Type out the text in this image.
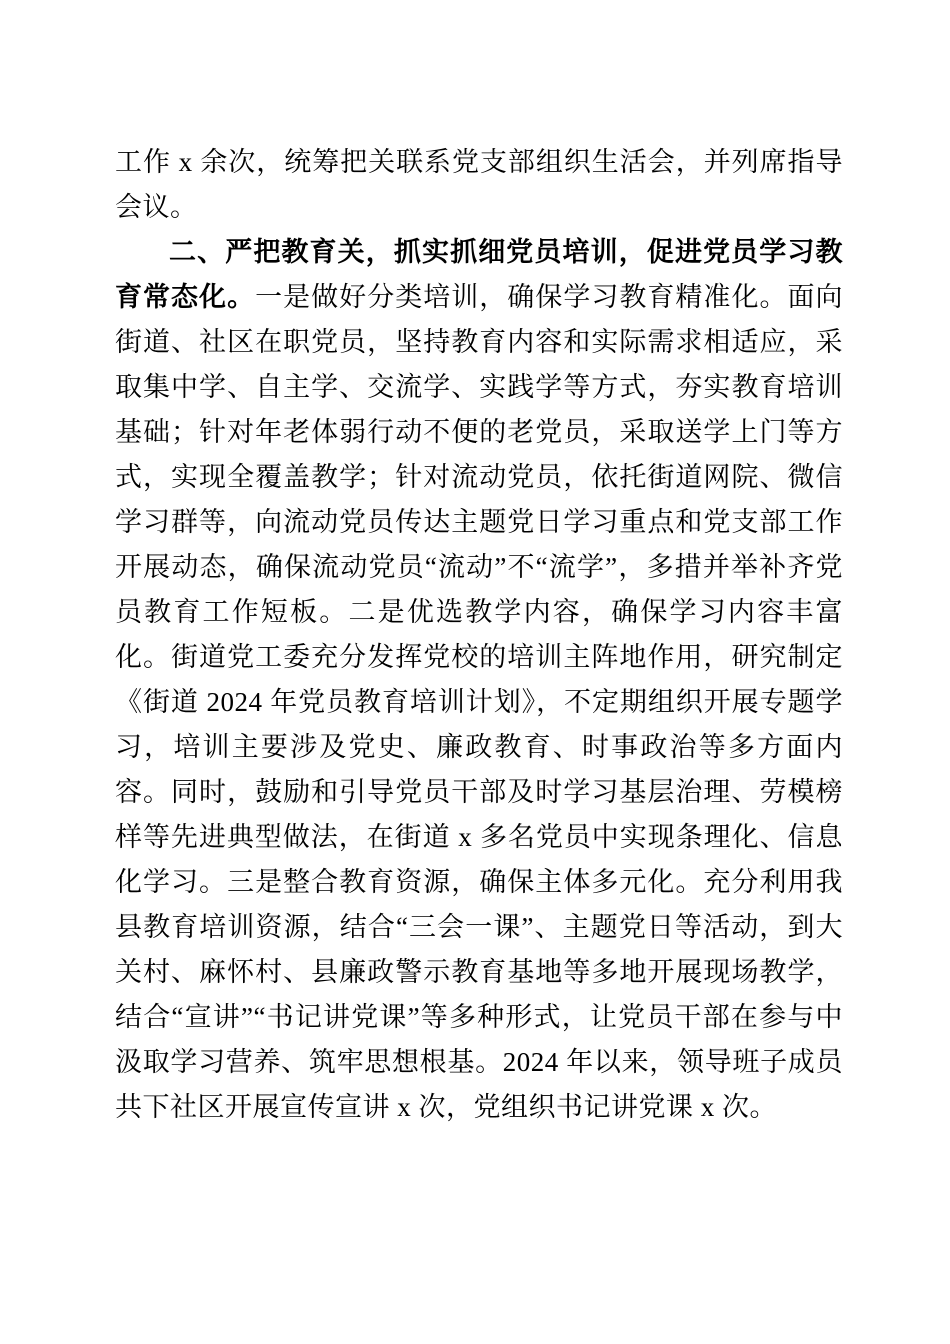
工作 x 余次，统筹把关联系党支部组织生活会，并列席指导会议。

二、严把教育关，抓实抓细党员培训，促进党员学习教育常态化。一是做好分类培训，确保学习教育精准化。面向街道、社区在职党员，坚持教育内容和实际需求相适应，采取集中学、自主学、交流学、实践学等方式，夯实教育培训基础；针对年老体弱行动不便的老党员，采取送学上门等方式，实现全覆盖教学；针对流动党员，依托街道网院、微信学习群等，向流动党员传达主题党日学习重点和党支部工作开展动态，确保流动党员“流动”不“流学”，多措并举补齐党员教育工作短板。二是优选教学内容，确保学习内容丰富化。街道党工委充分发挥党校的培训主阵地作用，研究制定《街道 2024 年党员教育培训计划》，不定期组织开展专题学习，培训主要涉及党史、廉政教育、时事政治等多方面内容。同时，鼓励和引导党员干部及时学习基层治理、劳模榜样等先进典型做法，在街道 x 多名党员中实现条理化、信息化学习。三是整合教育资源，确保主体多元化。充分利用我县教育培训资源，结合“三会一课”、主题党日等活动，到大关村、麻怀村、县廉政警示教育基地等多地开展现场教学，结合“宣讲”“书记讲党课”等多种形式，让党员干部在参与中汲取学习营养、筑牢思想根基。2024 年以来，领导班子成员共下社区开展宣传宣讲 x 次，党组织书记讲党课 x 次。
